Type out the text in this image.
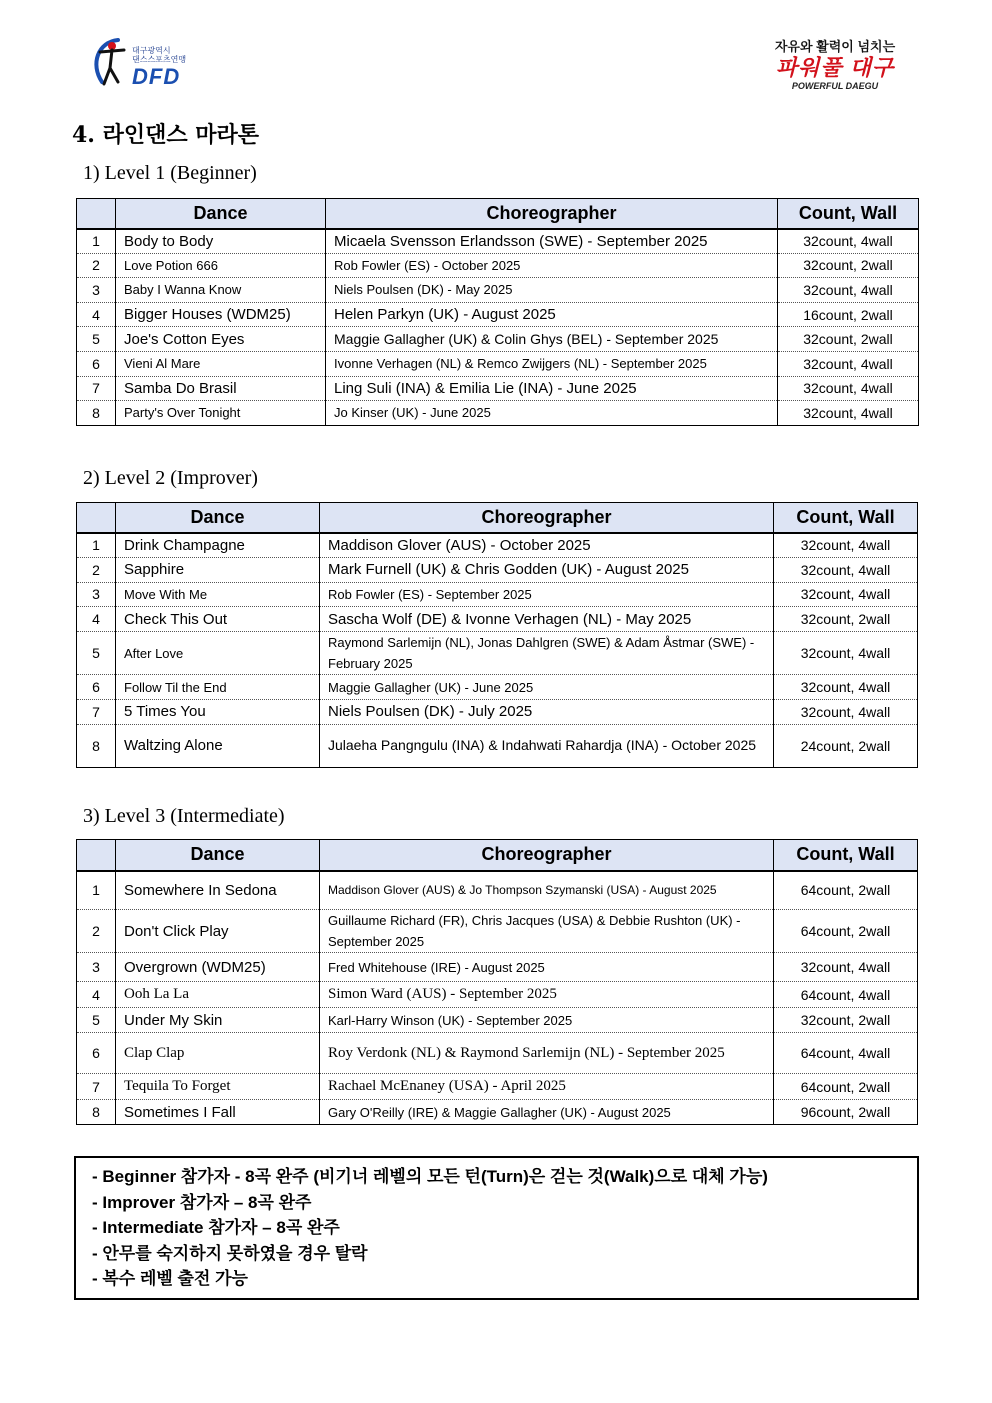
대구광역시
댄스스포츠연맹
DFD
자유와 활력이 넘치는
파워풀 대구
POWERFUL DAEGU
4. 라인댄스 마라톤
1) Level 1 (Beginner)
	Dance	Choreographer	Count, Wall
1	Body to Body	Micaela Svensson Erlandsson (SWE) - September 2025	32count, 4wall
2	Love Potion 666	Rob Fowler (ES) - October 2025	32count, 2wall
3	Baby I Wanna Know	Niels Poulsen (DK) - May 2025	32count, 4wall
4	Bigger Houses (WDM25)	Helen Parkyn (UK) - August 2025	16count, 2wall
5	Joe's Cotton Eyes	Maggie Gallagher (UK) & Colin Ghys (BEL) - September 2025	32count, 2wall
6	Vieni Al Mare	Ivonne Verhagen (NL) & Remco Zwijgers (NL) - September 2025	32count, 4wall
7	Samba Do Brasil	Ling Suli (INA) & Emilia Lie (INA) - June 2025	32count, 4wall
8	Party's Over Tonight	Jo Kinser (UK) - June 2025	32count, 4wall
2) Level 2 (Improver)
	Dance	Choreographer	Count, Wall
1	Drink Champagne	Maddison Glover (AUS) - October 2025	32count, 4wall
2	Sapphire	Mark Furnell (UK) & Chris Godden (UK) - August 2025	32count, 4wall
3	Move With Me	Rob Fowler (ES) - September 2025	32count, 4wall
4	Check This Out	Sascha Wolf (DE) & Ivonne Verhagen (NL) - May 2025	32count, 2wall
5	After Love	Raymond Sarlemijn (NL), Jonas Dahlgren (SWE) & Adam Åstmar (SWE) - February 2025	32count, 4wall
6	Follow Til the End	Maggie Gallagher (UK) - June 2025	32count, 4wall
7	5 Times You	Niels Poulsen (DK) - July 2025	32count, 4wall
8	Waltzing Alone	Julaeha Pangngulu (INA) & Indahwati Rahardja (INA) - October 2025	24count, 2wall
3) Level 3 (Intermediate)
	Dance	Choreographer	Count, Wall
1	Somewhere In Sedona	Maddison Glover (AUS) & Jo Thompson Szymanski (USA) - August 2025	64count, 2wall
2	Don't Click Play	Guillaume Richard (FR), Chris Jacques (USA) & Debbie Rushton (UK) - September 2025	64count, 2wall
3	Overgrown (WDM25)	Fred Whitehouse (IRE) - August 2025	32count, 4wall
4	Ooh La La	Simon Ward (AUS) - September 2025	64count, 4wall
5	Under My Skin	Karl-Harry Winson (UK) - September 2025	32count, 2wall
6	Clap Clap	Roy Verdonk (NL) & Raymond Sarlemijn (NL) - September 2025	64count, 4wall
7	Tequila To Forget	Rachael McEnaney (USA) - April 2025	64count, 2wall
8	Sometimes I Fall	Gary O'Reilly (IRE) & Maggie Gallagher (UK) - August 2025	96count, 2wall
- Beginner 참가자 - 8곡 완주 (비기너 레벨의 모든 턴(Turn)은 걷는 것(Walk)으로 대체 가능)
- Improver 참가자 – 8곡 완주
- Intermediate 참가자 – 8곡 완주
- 안무를 숙지하지 못하였을 경우 탈락
- 복수 레벨 출전 가능
